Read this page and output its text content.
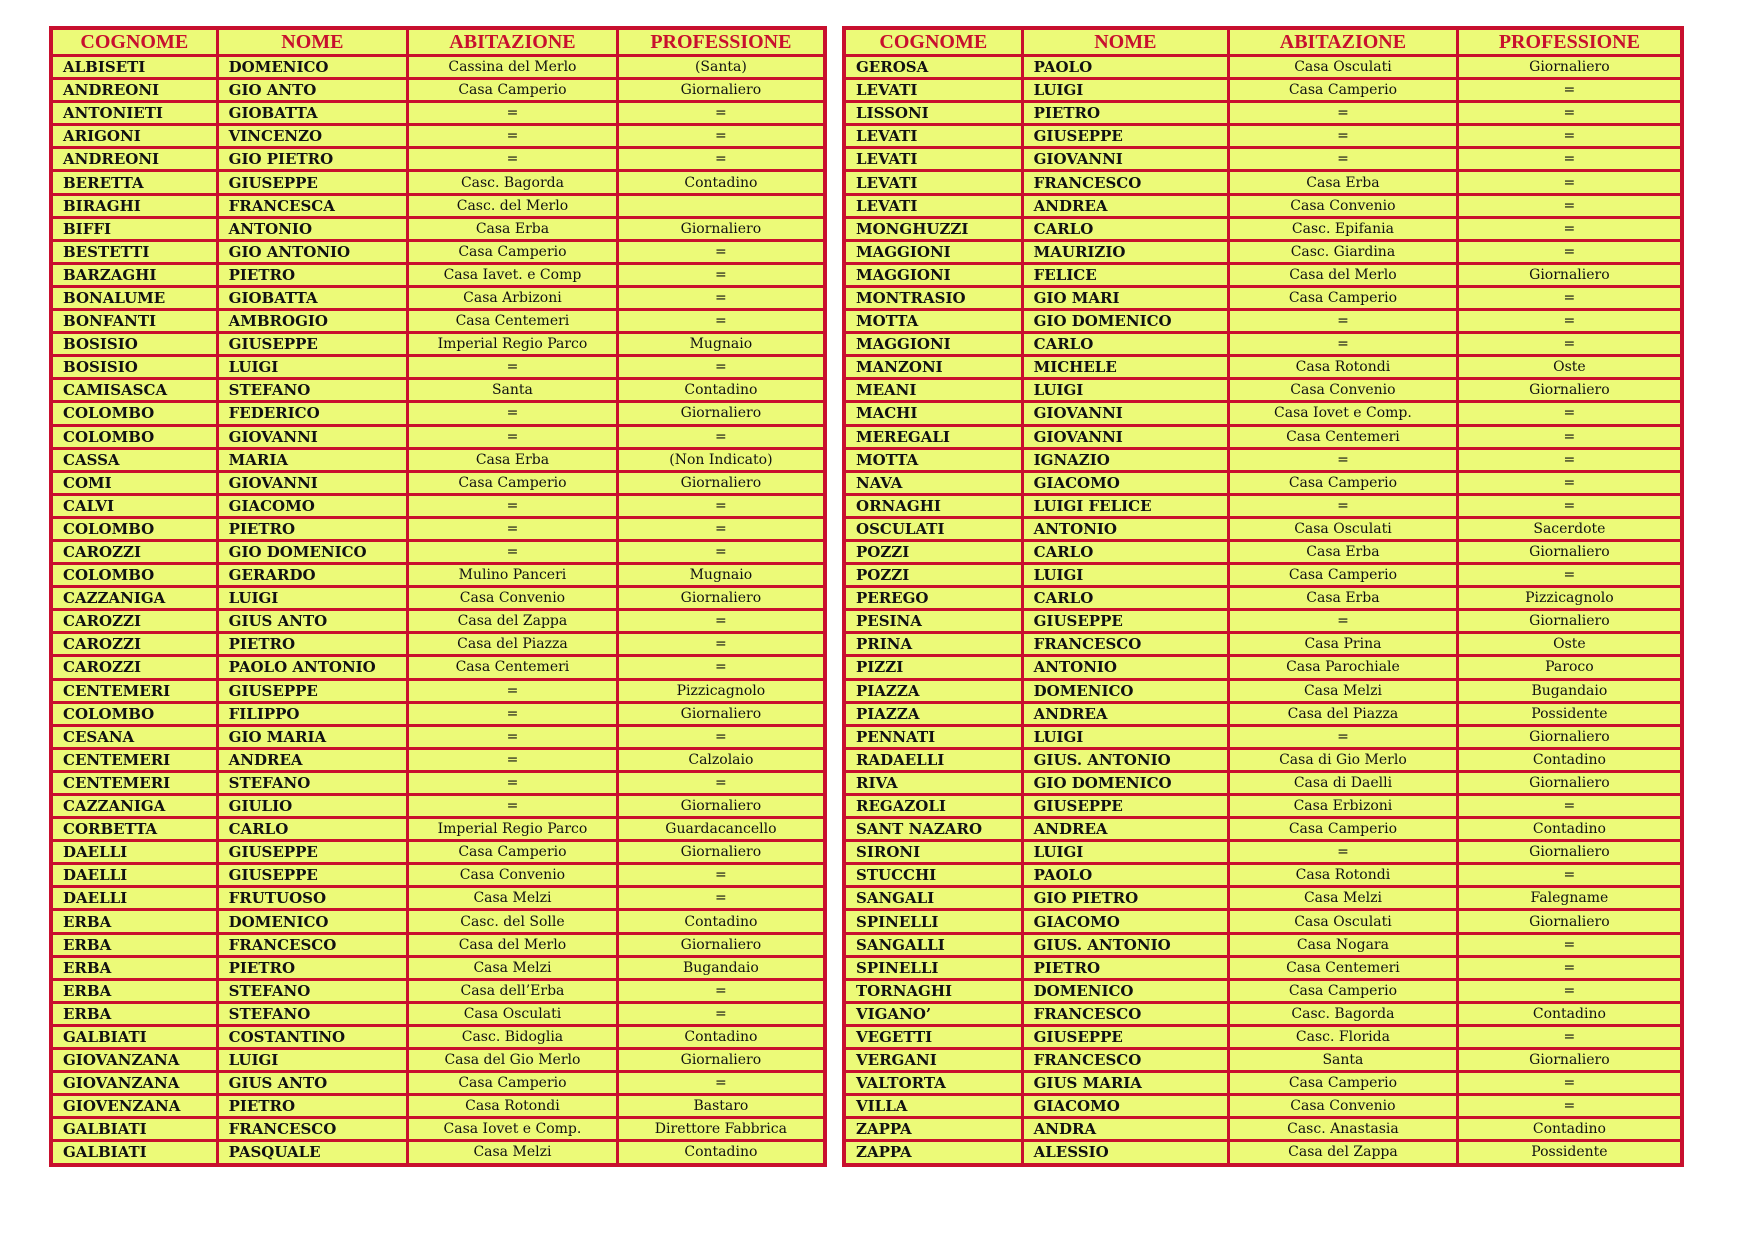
COGNOME	NOME	ABITAZIONE	PROFESSIONE
ALBISETI	DOMENICO	Cassina del Merlo	(Santa)
ANDREONI	GIO ANTO	Casa Camperio	Giornaliero
ANTONIETI	GIOBATTA	=	=
ARIGONI	VINCENZO	=	=
ANDREONI	GIO PIETRO	=	=
BERETTA	GIUSEPPE	Casc. Bagorda	Contadino
BIRAGHI	FRANCESCA	Casc. del Merlo	
BIFFI	ANTONIO	Casa Erba	Giornaliero
BESTETTI	GIO ANTONIO	Casa Camperio	=
BARZAGHI	PIETRO	Casa Iavet. e Comp	=
BONALUME	GIOBATTA	Casa Arbizoni	=
BONFANTI	AMBROGIO	Casa Centemeri	=
BOSISIO	GIUSEPPE	Imperial Regio Parco	Mugnaio
BOSISIO	LUIGI	=	=
CAMISASCA	STEFANO	Santa	Contadino
COLOMBO	FEDERICO	=	Giornaliero
COLOMBO	GIOVANNI	=	=
CASSA	MARIA	Casa Erba	(Non Indicato)
COMI	GIOVANNI	Casa Camperio	Giornaliero
CALVI	GIACOMO	=	=
COLOMBO	PIETRO	=	=
CAROZZI	GIO DOMENICO	=	=
COLOMBO	GERARDO	Mulino Panceri	Mugnaio
CAZZANIGA	LUIGI	Casa Convenio	Giornaliero
CAROZZI	GIUS ANTO	Casa del Zappa	=
CAROZZI	PIETRO	Casa del Piazza	=
CAROZZI	PAOLO ANTONIO	Casa Centemeri	=
CENTEMERI	GIUSEPPE	=	Pizzicagnolo
COLOMBO	FILIPPO	=	Giornaliero
CESANA	GIO MARIA	=	=
CENTEMERI	ANDREA	=	Calzolaio
CENTEMERI	STEFANO	=	=
CAZZANIGA	GIULIO	=	Giornaliero
CORBETTA	CARLO	Imperial Regio Parco	Guardacancello
DAELLI	GIUSEPPE	Casa Camperio	Giornaliero
DAELLI	GIUSEPPE	Casa Convenio	=
DAELLI	FRUTUOSO	Casa Melzi	=
ERBA	DOMENICO	Casc. del Solle	Contadino
ERBA	FRANCESCO	Casa del Merlo	Giornaliero
ERBA	PIETRO	Casa Melzi	Bugandaio
ERBA	STEFANO	Casa dell’Erba	=
ERBA	STEFANO	Casa Osculati	=
GALBIATI	COSTANTINO	Casc. Bidoglia	Contadino
GIOVANZANA	LUIGI	Casa del Gio Merlo	Giornaliero
GIOVANZANA	GIUS ANTO	Casa Camperio	=
GIOVENZANA	PIETRO	Casa Rotondi	Bastaro
GALBIATI	FRANCESCO	Casa Iovet e Comp.	Direttore Fabbrica
GALBIATI	PASQUALE	Casa Melzi	Contadino
COGNOME	NOME	ABITAZIONE	PROFESSIONE
GEROSA	PAOLO	Casa Osculati	Giornaliero
LEVATI	LUIGI	Casa Camperio	=
LISSONI	PIETRO	=	=
LEVATI	GIUSEPPE	=	=
LEVATI	GIOVANNI	=	=
LEVATI	FRANCESCO	Casa Erba	=
LEVATI	ANDREA	Casa Convenio	=
MONGHUZZI	CARLO	Casc. Epifania	=
MAGGIONI	MAURIZIO	Casc. Giardina	=
MAGGIONI	FELICE	Casa del Merlo	Giornaliero
MONTRASIO	GIO MARI	Casa Camperio	=
MOTTA	GIO DOMENICO	=	=
MAGGIONI	CARLO	=	=
MANZONI	MICHELE	Casa Rotondi	Oste
MEANI	LUIGI	Casa Convenio	Giornaliero
MACHI	GIOVANNI	Casa Iovet e Comp.	=
MEREGALI	GIOVANNI	Casa Centemeri	=
MOTTA	IGNAZIO	=	=
NAVA	GIACOMO	Casa Camperio	=
ORNAGHI	LUIGI FELICE	=	=
OSCULATI	ANTONIO	Casa Osculati	Sacerdote
POZZI	CARLO	Casa Erba	Giornaliero
POZZI	LUIGI	Casa Camperio	=
PEREGO	CARLO	Casa Erba	Pizzicagnolo
PESINA	GIUSEPPE	=	Giornaliero
PRINA	FRANCESCO	Casa Prina	Oste
PIZZI	ANTONIO	Casa Parochiale	Paroco
PIAZZA	DOMENICO	Casa Melzi	Bugandaio
PIAZZA	ANDREA	Casa del Piazza	Possidente
PENNATI	LUIGI	=	Giornaliero
RADAELLI	GIUS. ANTONIO	Casa di Gio Merlo	Contadino
RIVA	GIO DOMENICO	Casa di Daelli	Giornaliero
REGAZOLI	GIUSEPPE	Casa Erbizoni	=
SANT NAZARO	ANDREA	Casa Camperio	Contadino
SIRONI	LUIGI	=	Giornaliero
STUCCHI	PAOLO	Casa Rotondi	=
SANGALI	GIO PIETRO	Casa Melzi	Falegname
SPINELLI	GIACOMO	Casa Osculati	Giornaliero
SANGALLI	GIUS. ANTONIO	Casa Nogara	=
SPINELLI	PIETRO	Casa Centemeri	=
TORNAGHI	DOMENICO	Casa Camperio	=
VIGANO’	FRANCESCO	Casc. Bagorda	Contadino
VEGETTI	GIUSEPPE	Casc. Florida	=
VERGANI	FRANCESCO	Santa	Giornaliero
VALTORTA	GIUS MARIA	Casa Camperio	=
VILLA	GIACOMO	Casa Convenio	=
ZAPPA	ANDRA	Casc. Anastasia	Contadino
ZAPPA	ALESSIO	Casa del Zappa	Possidente
